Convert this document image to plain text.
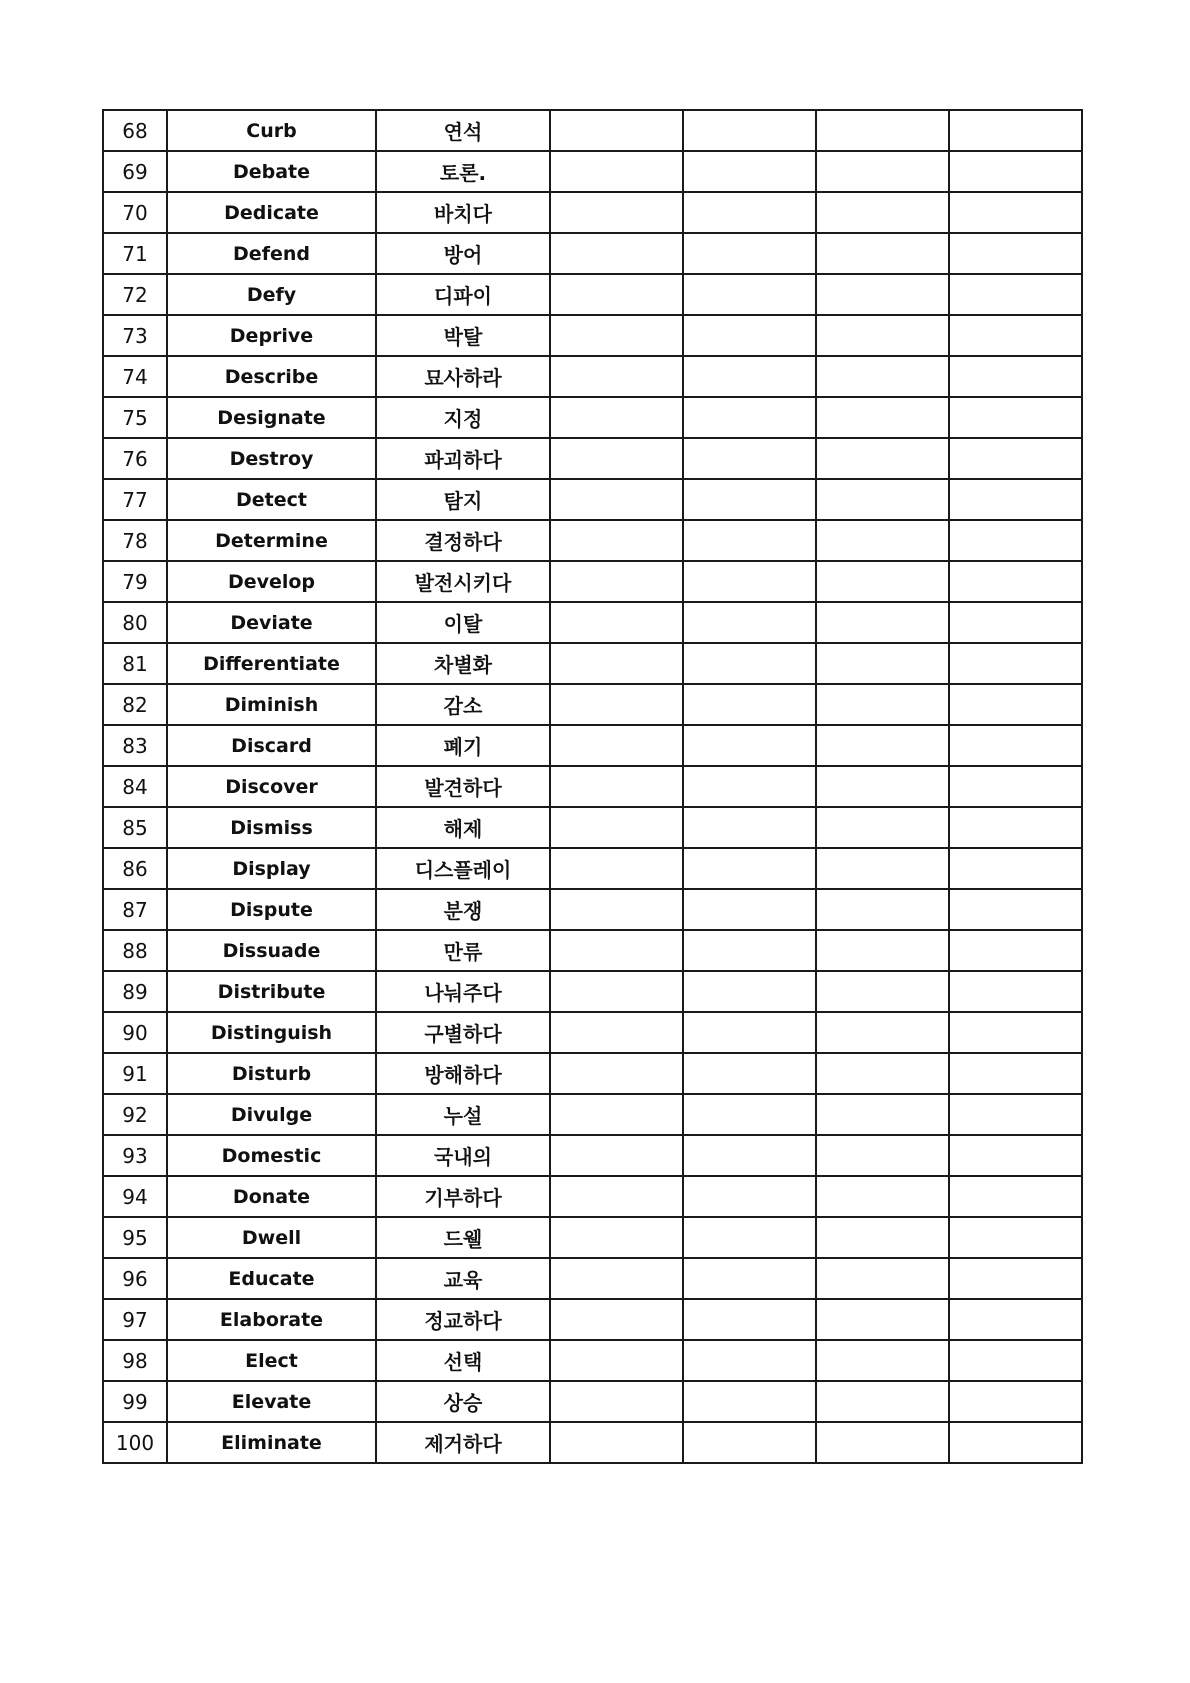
68	Curb	연석				
69	Debate	토론.				
70	Dedicate	바치다				
71	Defend	방어				
72	Defy	디파이				
73	Deprive	박탈				
74	Describe	묘사하라				
75	Designate	지정				
76	Destroy	파괴하다				
77	Detect	탐지				
78	Determine	결정하다				
79	Develop	발전시키다				
80	Deviate	이탈				
81	Differentiate	차별화				
82	Diminish	감소				
83	Discard	폐기				
84	Discover	발견하다				
85	Dismiss	해제				
86	Display	디스플레이				
87	Dispute	분쟁				
88	Dissuade	만류				
89	Distribute	나눠주다				
90	Distinguish	구별하다				
91	Disturb	방해하다				
92	Divulge	누설				
93	Domestic	국내의				
94	Donate	기부하다				
95	Dwell	드웰				
96	Educate	교육				
97	Elaborate	정교하다				
98	Elect	선택				
99	Elevate	상승				
100	Eliminate	제거하다				
